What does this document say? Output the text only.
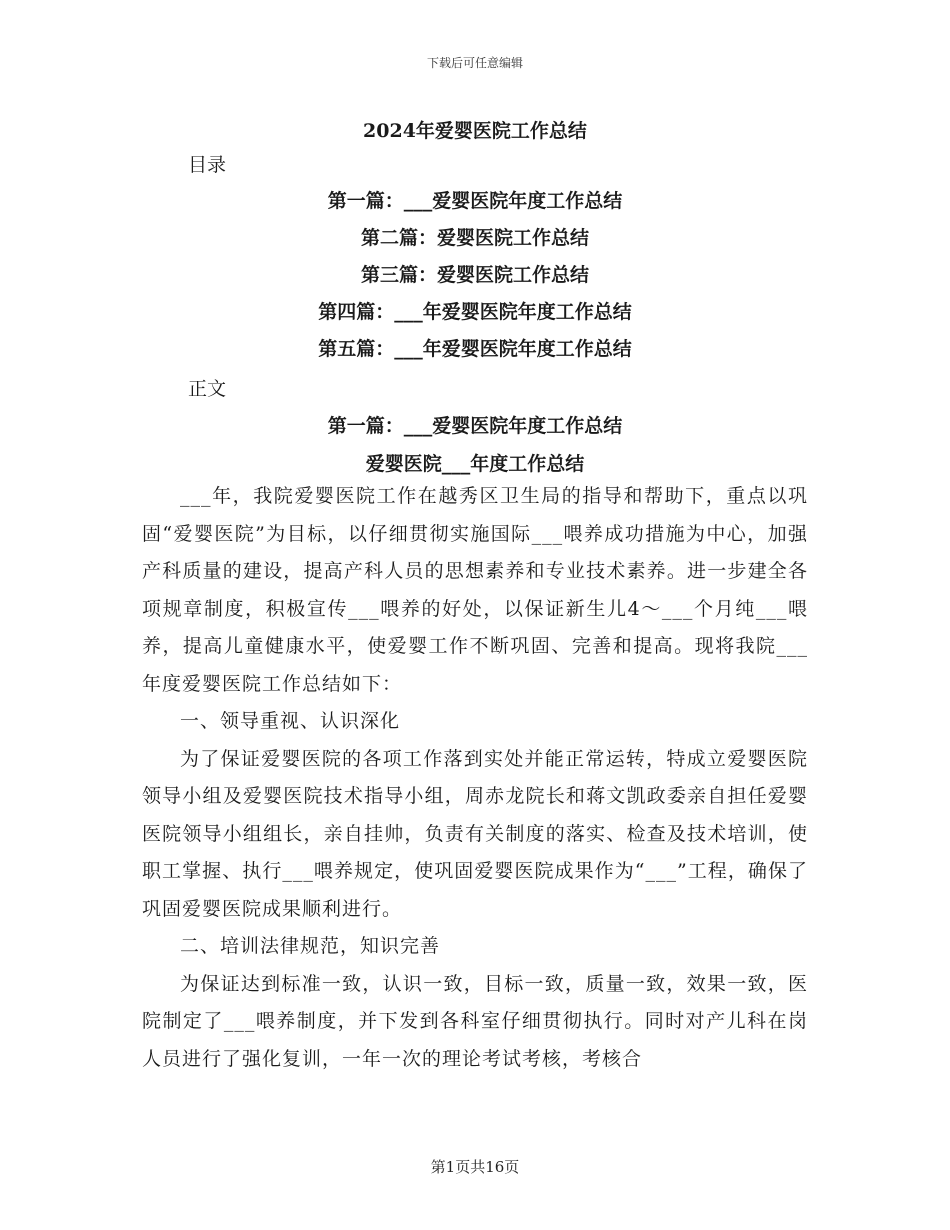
下载后可任意编辑
2024年爱婴医院工作总结
目录
第一篇：___爱婴医院年度工作总结
第二篇：爱婴医院工作总结
第三篇：爱婴医院工作总结
第四篇：___年爱婴医院年度工作总结
第五篇：___年爱婴医院年度工作总结
正文
第一篇：___爱婴医院年度工作总结
爱婴医院___年度工作总结

___年，我院爱婴医院工作在越秀区卫生局的指导和帮助下，重点以巩固“爱婴医院”为目标，以仔细贯彻实施国际___喂养成功措施为中心，加强产科质量的建设，提高产科人员的思想素养和专业技术素养。进一步建全各项规章制度，积极宣传___喂养的好处，以保证新生儿4～___个月纯___喂养，提高儿童健康水平，使爱婴工作不断巩固、完善和提高。现将我院___年度爱婴医院工作总结如下：

一、领导重视、认识深化

为了保证爱婴医院的各项工作落到实处并能正常运转，特成立爱婴医院领导小组及爱婴医院技术指导小组，周赤龙院长和蒋文凯政委亲自担任爱婴医院领导小组组长，亲自挂帅，负责有关制度的落实、检查及技术培训，使职工掌握、执行___喂养规定，使巩固爱婴医院成果作为“___”工程，确保了巩固爱婴医院成果顺利进行。

二、培训法律规范，知识完善

为保证达到标准一致，认识一致，目标一致，质量一致，效果一致，医院制定了___喂养制度，并下发到各科室仔细贯彻执行。同时对产儿科在岗人员进行了强化复训，一年一次的理论考试考核，考核合

第1页共16页
